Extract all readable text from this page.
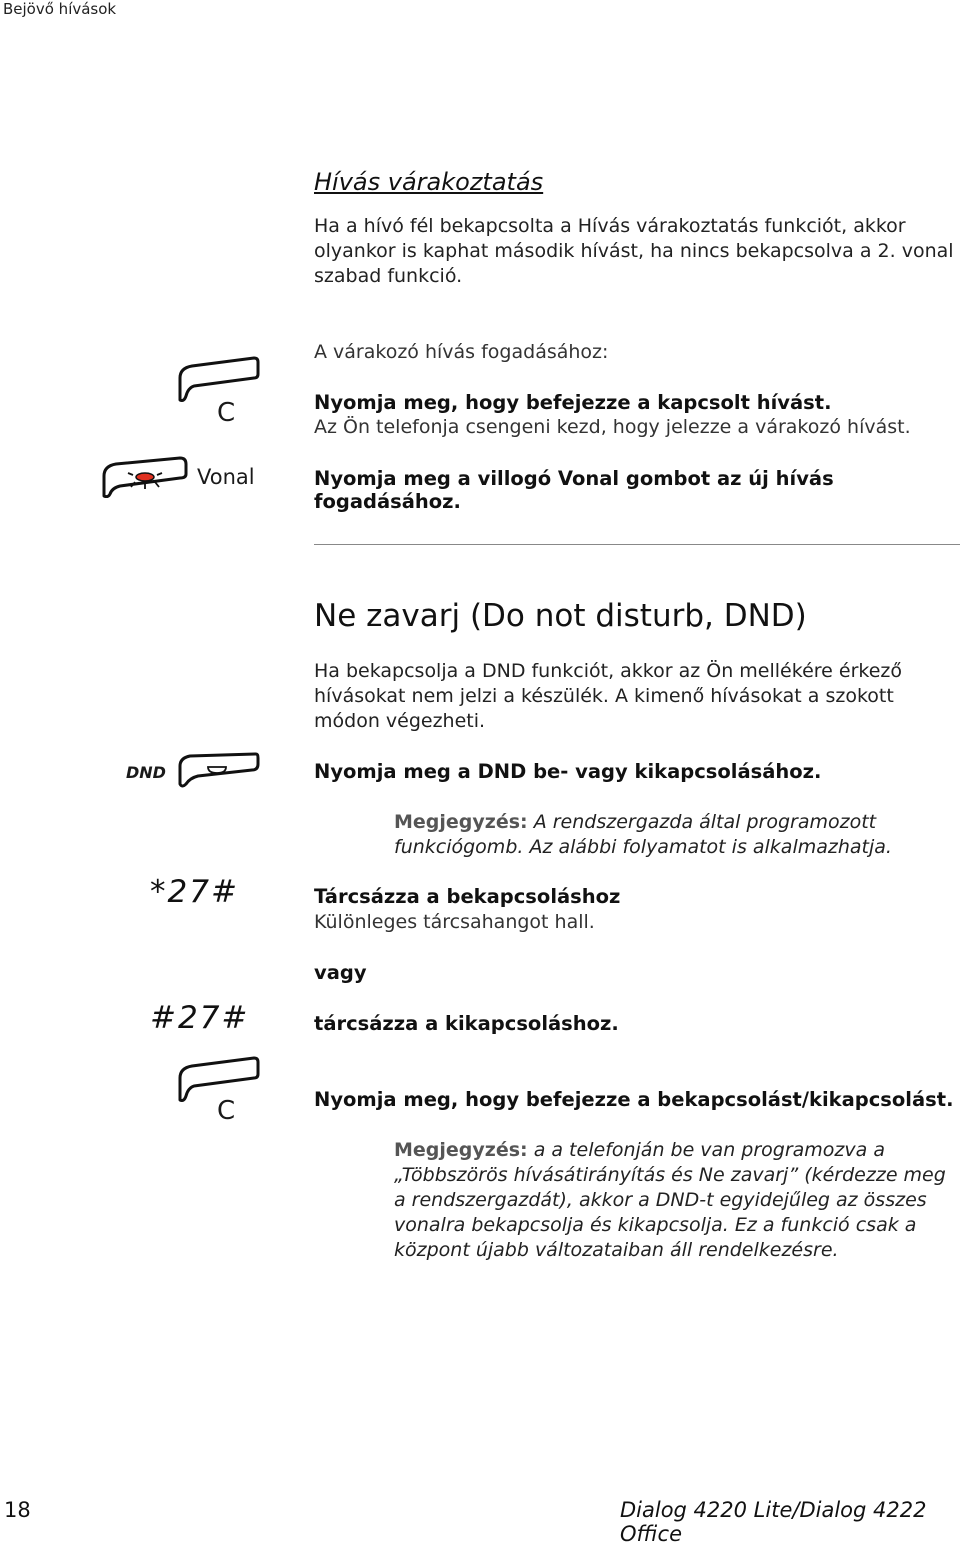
Bejövő hívások
Hívás várakoztatás
Ha a hívó fél bekapcsolta a Hívás várakoztatás funkciót, akkor olyankor is kaphat második hívást, ha nincs bekapcsolva a 2. vonal szabad funkció.
A várakozó hívás fogadásához:
C	Nyomja meg, hogy befejezze a kapcsolt hívást.
Az Ön telefonja csengeni kezd, hogy jelezze a várakozó hívást.
Vonal	Nyomja meg a villogó Vonal gombot az új hívás fogadásához.
Ne zavarj (Do not disturb, DND)
Ha bekapcsolja a DND funkciót, akkor az Ön mellékére érkező hívásokat nem jelzi a készülék. A kimenő hívásokat a szokott módon végezheti.
DND	Nyomja meg a DND be- vagy kikapcsolásához.
Megjegyzés: A rendszergazda által programozott funkciógomb. Az alábbi folyamatot is alkalmazhatja.
*27#	Tárcsázza a bekapcsoláshoz
Különleges tárcsahangot hall.
vagy
#27#	tárcsázza a kikapcsoláshoz.
C	Nyomja meg, hogy befejezze a bekapcsolást/kikapcsolást.
Megjegyzés: a a telefonján be van programozva a „Többszörös hívásátirányítás és Ne zavarj” (kérdezze meg a rendszergazdát), akkor a DND-t egyidejűleg az összes vonalra bekapcsolja és kikapcsolja. Ez a funkció csak a központ újabb változataiban áll rendelkezésre.
18	Dialog 4220 Lite/Dialog 4222 Office
